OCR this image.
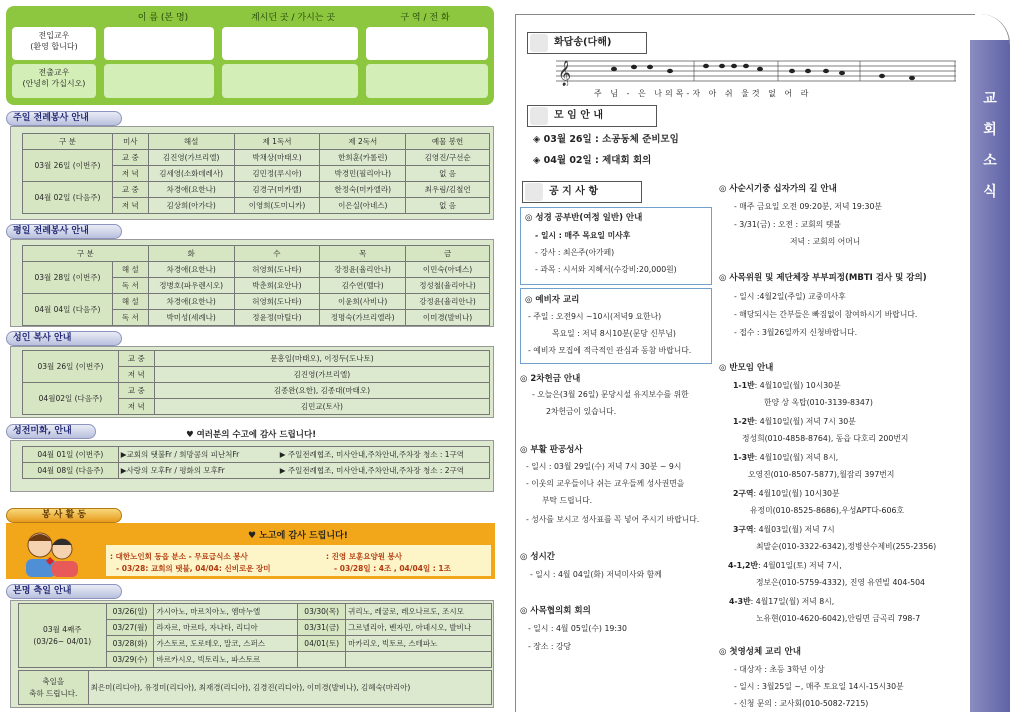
이 름 (본 명)	계시던 곳 / 가시는 곳	구 역 / 전 화
전입교우
(환영 합니다)
전출교우
(안녕히 가십시오)
주일 전례봉사 안내
구 분	미사	해설	제 1독서	제 2독서	예물 봉헌
03월 26일 (이번주)	교 중	김진영(가브리엘)	박채상(마태오)	한희훈(카롤린)	김영진/구선순
	저 녁	김세영(소화데레사)	김민정(루시아)	박경민(필리아나)	없 음
04월 02일 (다음주)	교 중	차경애(요한나)	김경구(미카엘)	한정숙(미카엘라)	최우림/김철언
	저 녁	김상희(아가다)	이영희(도미니카)	이은실(아네스)	없 음
평일 전례봉사 안내
구 분		화	수	목	금
03월 28일 (이번주)	해 설	차경애(요한나)	허영희(도나타)	강정윤(율리안나)	이민숙(아녜스)
	독 서	정병호(파우렌시오)	박춘희(요안나)	김수연(멜다)	정성철(율리아나)
04월 04일 (다음주)	해 설	차경애(요한나)	허영희(도나타)	이윤희(사비나)	강정윤(율리안나)
	독 서	박미성(세례나)	정윤정(마틸다)	정명숙(가브리엘라)	이미경(발비나)
성인 복사 안내
03월 26일 (이번주)	교 중	문흥일(마태오), 이정두(도나토)
	저 녁	김진영(가브리엘)
04월02일 (다음주)	교 중	김종완(요한), 김종대(마태오)
	저 녁	김민교(토사)
성전미화, 안내	♥ 여러분의 수고에 감사 드립니다!
04월 01일 (이번주)	▶교회의 탯불Fr / 희망콤의 피난처Fr	▶ 주일전례협조, 미사안내,주차안내,주차장 청소 : 1구역
04월 08일 (다음주)	▶사랑의 모후Fr / 평화의 모후Fr	▶ 주일전례협조, 미사안내,주차안내,주차장 청소 : 2구역
봉 사 활 동
♥ 노고에 감사 드립니다!
: 대한노인회 동읍 분소 - 무료급식소 봉사
- 03/28: 교회의 탯불, 04/04: 신비로운 장미
: 진영 보훈요양원 봉사
- 03/28일 : 4조 , 04/04일 : 1조
본명 축일 안내
03월 4째주
(03/26~ 04/01)	03/26(일)	가시아노, 마르치아노, 엠마누엘	03/30(목)	귀리노, 레굴로, 레오나르도, 조시모
	03/27(월)	라자르, 마르타, 자나타, 리디아	03/31(금)	그르넬리아, 벤자민, 아녜시오, 발비나
	03/28(화)	가스토르, 도로테오, 말코, 스퍼스	04/01(토)	마카리오, 빅토르, 스테파노
	03/29(수)	바르카시오, 빅토리노, 파스토르		
축일을
축하 드립니다.	최은미(리디아), 유정미(리디아), 최재경(리디아), 김경진(리디아), 이미경(발비나), 김혜숙(마리아)
교
회
소
식
화답송(다해)
𝄞
주 님 - 은 나의목-자 아 쉬 울것 없 어 라
모 임 안 내
◈ 03월 26일 : 소공동체 준비모임
◈ 04월 02일 : 제대회 회의
공 지 사 항
◎ 성경 공부반(여정 일반) 안내
- 일시 : 매주 목요일 미사후
- 강사 : 최은주(아가페)
- 과목 : 시서와 지혜서(수강비:20,000원)
◎ 예비자 교리
- 주일 : 오전9시 ~10시(저녁9 요한나)
목요일 : 저녁 8시10분(문당 신부님)
- 예비자 모집에 적극적인 관심과 동참 바랍니다.
◎ 2차헌금 안내
- 오늘은(3월 26일) 문당시설 유지보수를 위한
2차헌금이 있습니다.
◎ 부활 판공성사
- 일시 : 03월 29일(수) 저녁 7시 30분 ~ 9시
- 이웃의 교우들이나 쉬는 교우들께 성사권면을
부탁 드립니다.
- 성사를 보시고 성사표를 꼭 넣어 주시기 바랍니다.
◎ 성시간
- 일시 : 4월 04일(화) 저녁미사와 함께
◎ 사목협의회 회의
- 일시 : 4월 05일(수) 19:30
- 장소 : 강당
◎ 사순시기중 십자가의 길 안내
- 매주 금요일 오전 09:20분, 저녁 19:30분
- 3/31(금) : 오전 : 교회의 탯불
저녁 : 교회의 어머니
◎ 사목위원 및 제단체장 부부피정(MBTI 검사 및 강의)
- 일시 :4월2일(주일) 교중미사후
- 해당되시는 간부들은 빠짐없이 참여하시기 바랍니다.
- 접수 : 3월26일까지 신청바랍니다.
◎ 반모임 안내
1-1반: 4월10일(월) 10시30분
한양 상 옥탑(010-3139-8347)
1-2반: 4월10일(월) 저녁 7시 30분
정성희(010-4858-8764), 동읍 다호리 200번지
1-3반: 4월10일(월) 저녁 8시,
오영진(010-8507-5877),월잠리 397번지
2구역: 4월10일(월) 10시30분
유정미(010-8525-8686),우성APT다-606호
3구역: 4월03일(월) 저녁 7시
최말순(010-3322-6342),정병산수제비(255-2356)
4-1,2반: 4월01일(토) 저녁 7시,
정보은(010-5759-4332), 진영 유연빌 404-504
4-3반: 4월17일(월) 저녁 8시,
노유현(010-4620-6042),안림면 금곡리 798-7
◎ 첫영성체 교리 안내
- 대상자 : 초등 3학년 이상
- 일시 : 3월25일 ~, 매주 토요일 14시-15시30분
- 신청 문의 : 교사회(010-5082-7215)
